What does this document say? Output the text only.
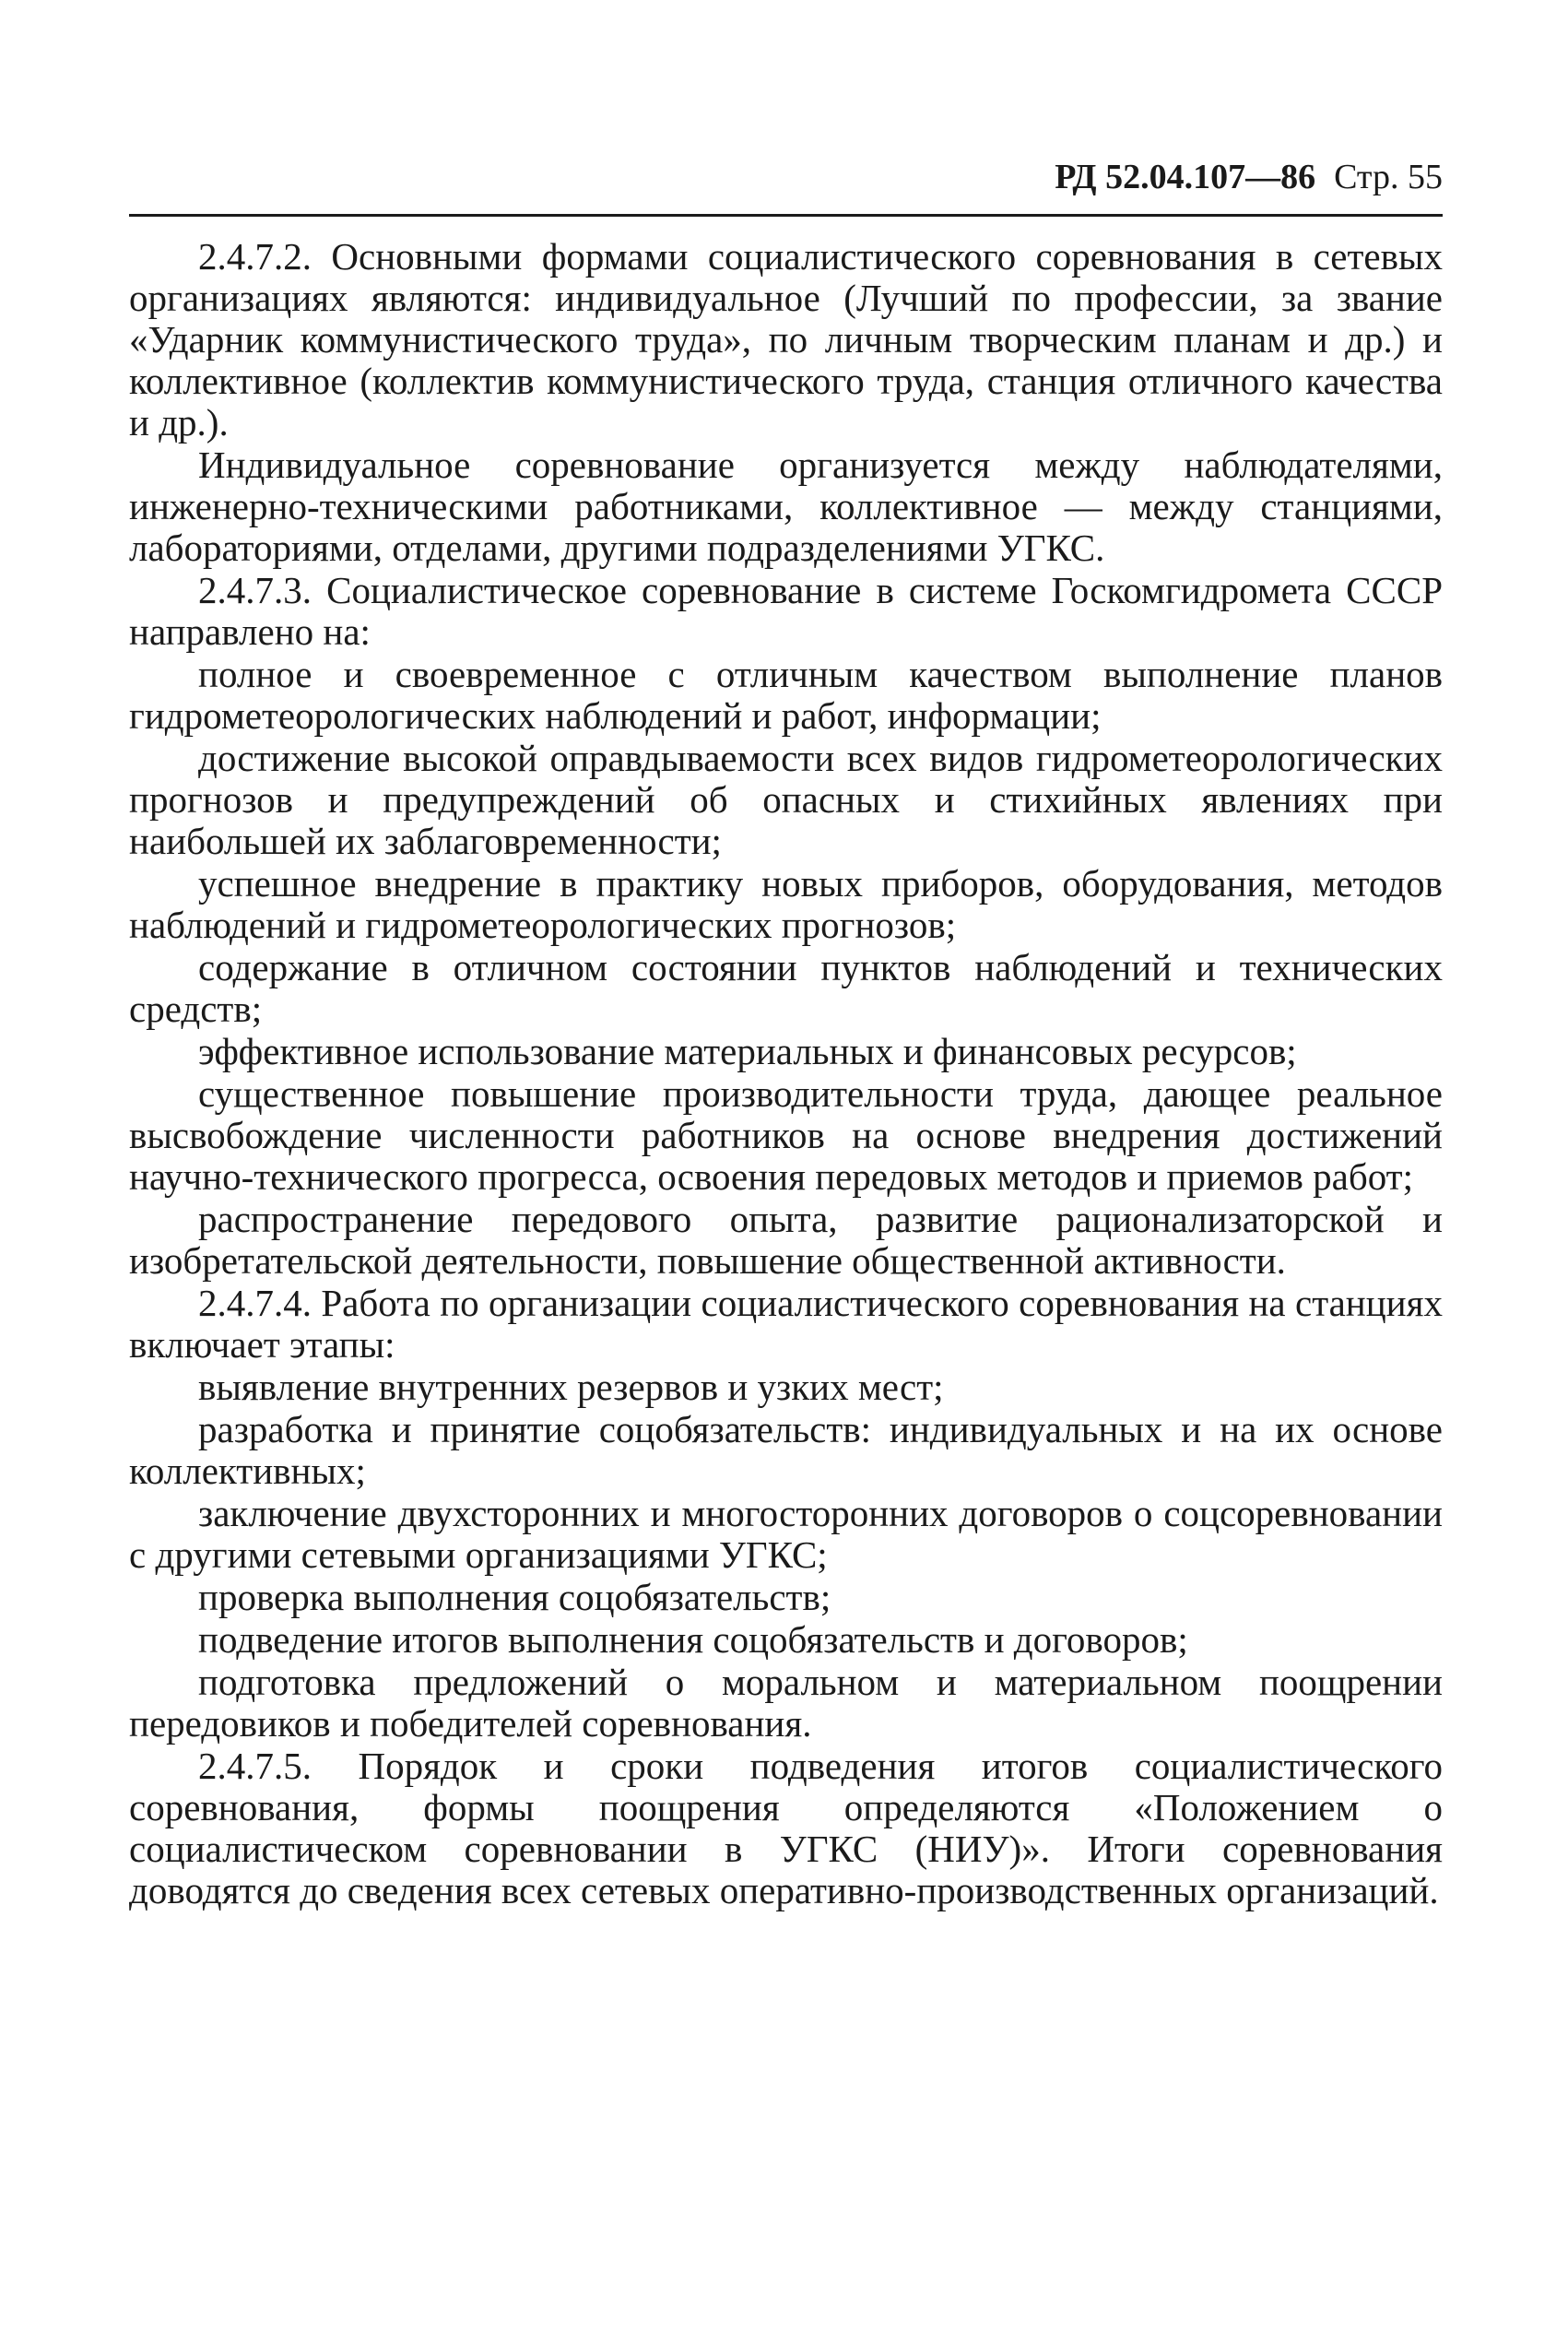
РД 52.04.107—86 Стр. 55

2.4.7.2. Основными формами социалистического соревнования в сетевых организациях являются: индивидуальное (Лучший по профессии, за звание «Ударник коммунистического труда», по личным творческим планам и др.) и коллективное (коллектив коммунистического труда, станция отличного качества и др.).

Индивидуальное соревнование организуется между наблюдателями, инженерно-техническими работниками, коллективное — между станциями, лабораториями, отделами, другими подразделениями УГКС.

2.4.7.3. Социалистическое соревнование в системе Госкомгидрометa СССР направлено на:

полное и своевременное с отличным качеством выполнение планов гидрометеорологических наблюдений и работ, информации;

достижение высокой оправдываемости всех видов гидрометеорологических прогнозов и предупреждений об опасных и стихийных явлениях при наибольшей их заблаговременности;

успешное внедрение в практику новых приборов, оборудования, методов наблюдений и гидрометеорологических прогнозов;

содержание в отличном состоянии пунктов наблюдений и технических средств;

эффективное использование материальных и финансовых ресурсов;

существенное повышение производительности труда, дающее реальное высвобождение численности работников на основе внедрения достижений научно-технического прогресса, освоения передовых методов и приемов работ;

распространение передового опыта, развитие рационализаторской и изобретательской деятельности, повышение общественной активности.

2.4.7.4. Работа по организации социалистического соревнования на станциях включает этапы:

выявление внутренних резервов и узких мест;

разработка и принятие соцобязательств: индивидуальных и на их основе коллективных;

заключение двухсторонних и многосторонних договоров о соцсоревновании с другими сетевыми организациями УГКС;

проверка выполнения соцобязательств;

подведение итогов выполнения соцобязательств и договоров;

подготовка предложений о моральном и материальном поощрении передовиков и победителей соревнования.

2.4.7.5. Порядок и сроки подведения итогов социалистического соревнования, формы поощрения определяются «Положением о социалистическом соревновании в УГКС (НИУ)». Итоги соревнования доводятся до сведения всех сетевых оперативно-производственных организаций.
